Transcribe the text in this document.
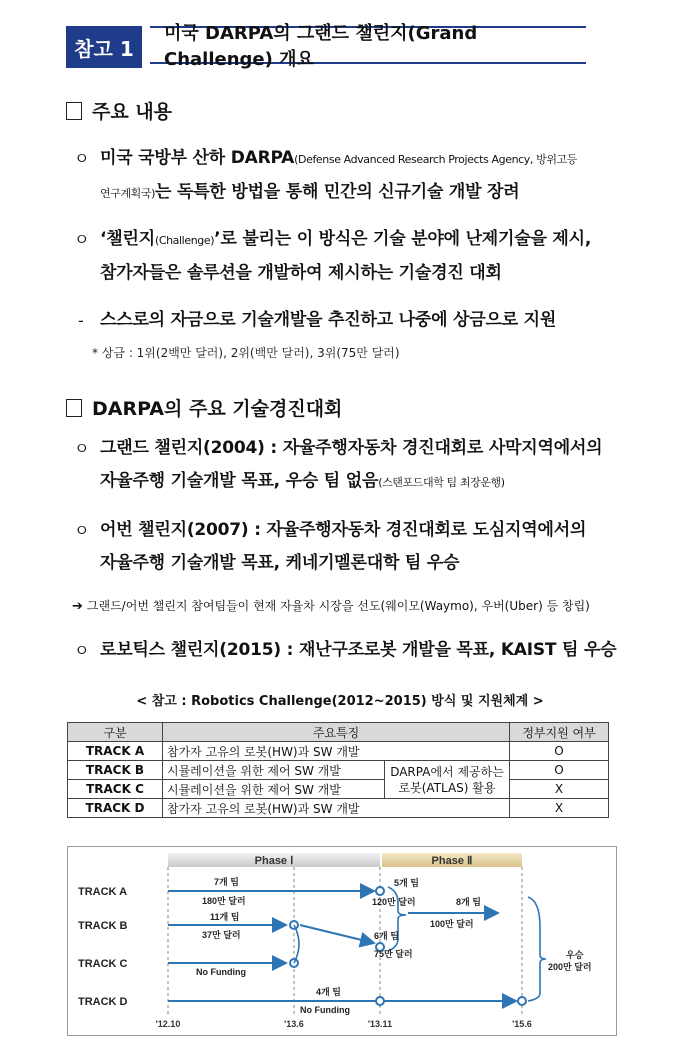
참고 1
미국 DARPA의 그랜드 챌린지(Grand Challenge) 개요
주요 내용
ㅇ 미국 국방부 산하 DARPA(Defense Advanced Research Projects Agency, 방위고등
연구계획국)는 독특한 방법을 통해 민간의 신규기술 개발 장려
ㅇ ‘챌린지(Challenge)’로 불리는 이 방식은 기술 분야에 난제기술을 제시,
참가자들은 솔루션을 개발하여 제시하는 기술경진 대회
- 스스로의 자금으로 기술개발을 추진하고 나중에 상금으로 지원
* 상금 : 1위(2백만 달러), 2위(백만 달러), 3위(75만 달러)
DARPA의 주요 기술경진대회
ㅇ 그랜드 챌린지(2004) : 자율주행자동차 경진대회로 사막지역에서의
자율주행 기술개발 목표, 우승 팀 없음(스탠포드대학 팀 최장운행)
ㅇ 어번 챌린지(2007) : 자율주행자동차 경진대회로 도심지역에서의
자율주행 기술개발 목표, 케네기멜론대학 팀 우승
➔ 그랜드/어번 챌린지 참여팀들이 현재 자율차 시장을 선도(웨이모(Waymo), 우버(Uber) 등 창립)
ㅇ 로보틱스 챌린지(2015) : 재난구조로봇 개발을 목표, KAIST 팀 우승
< 참고 : Robotics Challenge(2012~2015) 방식 및 지원체계 >
구분	주요특징		정부지원 여부
TRACK A	참가자 고유의 로봇(HW)과 SW 개발		O
TRACK B	시뮬레이션을 위한 제어 SW 개발	DARPA에서 제공하는 로봇(ATLAS) 활용	O
TRACK C	시뮬레이션을 위한 제어 SW 개발		X
TRACK D	참가자 고유의 로봇(HW)과 SW 개발		X
Phase Ⅰ	Phase Ⅱ
TRACK A
TRACK B
TRACK C
TRACK D
7개 팀
180만 달러
11개 팀
37만 달러
No Funding
4개 팀
No Funding
5개 팀
120만 달러
6개 팀
75만 달러
8개 팀
100만 달러
우승
200만 달러
'12.10	'13.6	'13.11	'15.6
